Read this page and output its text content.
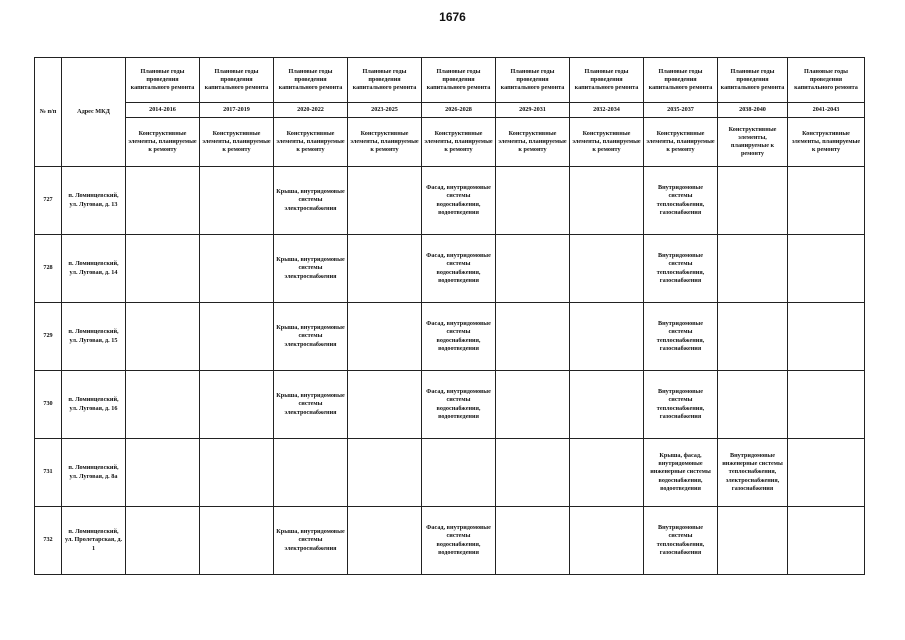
1676
№ п/п	Адрес МКД	Плановые годы проведения капитального ремонта	Плановые годы проведения капитального ремонта	Плановые годы проведения капитального ремонта	Плановые годы проведения капитального ремонта	Плановые годы проведения капитального ремонта	Плановые годы проведения капитального ремонта	Плановые годы проведения капитального ремонта	Плановые годы проведения капитального ремонта	Плановые годы проведения капитального ремонта	Плановые годы проведения капитального ремонта
		2014-2016	2017-2019	2020-2022	2023-2025	2026-2028	2029-2031	2032-2034	2035-2037	2038-2040	2041-2043
		Конструктивные элементы, планируемые к ремонту	Конструктивные элементы, планируемые к ремонту	Конструктивные элементы, планируемые к ремонту	Конструктивные элементы, планируемые к ремонту	Конструктивные элементы, планируемые к ремонту	Конструктивные элементы, планируемые к ремонту	Конструктивные элементы, планируемые к ремонту	Конструктивные элементы, планируемые к ремонту	Конструктивные элементы, планируемые к ремонту	Конструктивные элементы, планируемые к ремонту
727	п. Ломинцевский, ул. Луговая, д. 13			Крыша, внутридомовые системы электроснабжения		Фасад, внутридомовые системы водоснабжения, водоотведения			Внутридомовые системы теплоснабжения, газоснабжения		
728	п. Ломинцевский, ул. Луговая, д. 14			Крыша, внутридомовые системы электроснабжения		Фасад, внутридомовые системы водоснабжения, водоотведения			Внутридомовые системы теплоснабжения, газоснабжения		
729	п. Ломинцевский, ул. Луговая, д. 15			Крыша, внутридомовые системы электроснабжения		Фасад, внутридомовые системы водоснабжения, водоотведения			Внутридомовые системы теплоснабжения, газоснабжения		
730	п. Ломинцевский, ул. Луговая, д. 16			Крыша, внутридомовые системы электроснабжения		Фасад, внутридомовые системы водоснабжения, водоотведения			Внутридомовые системы теплоснабжения, газоснабжения		
731	п. Ломинцевский, ул. Луговая, д. 8а								Крыша, фасад, внутридомовые инженерные системы водоснабжения, водоотведения	Внутридомовые инженерные системы теплоснабжения, электроснабжения, газоснабжения	
732	п. Ломинцевский, ул. Пролетарская, д. 1			Крыша, внутридомовые системы электроснабжения		Фасад, внутридомовые системы водоснабжения, водоотведения			Внутридомовые системы теплоснабжения, газоснабжения		
